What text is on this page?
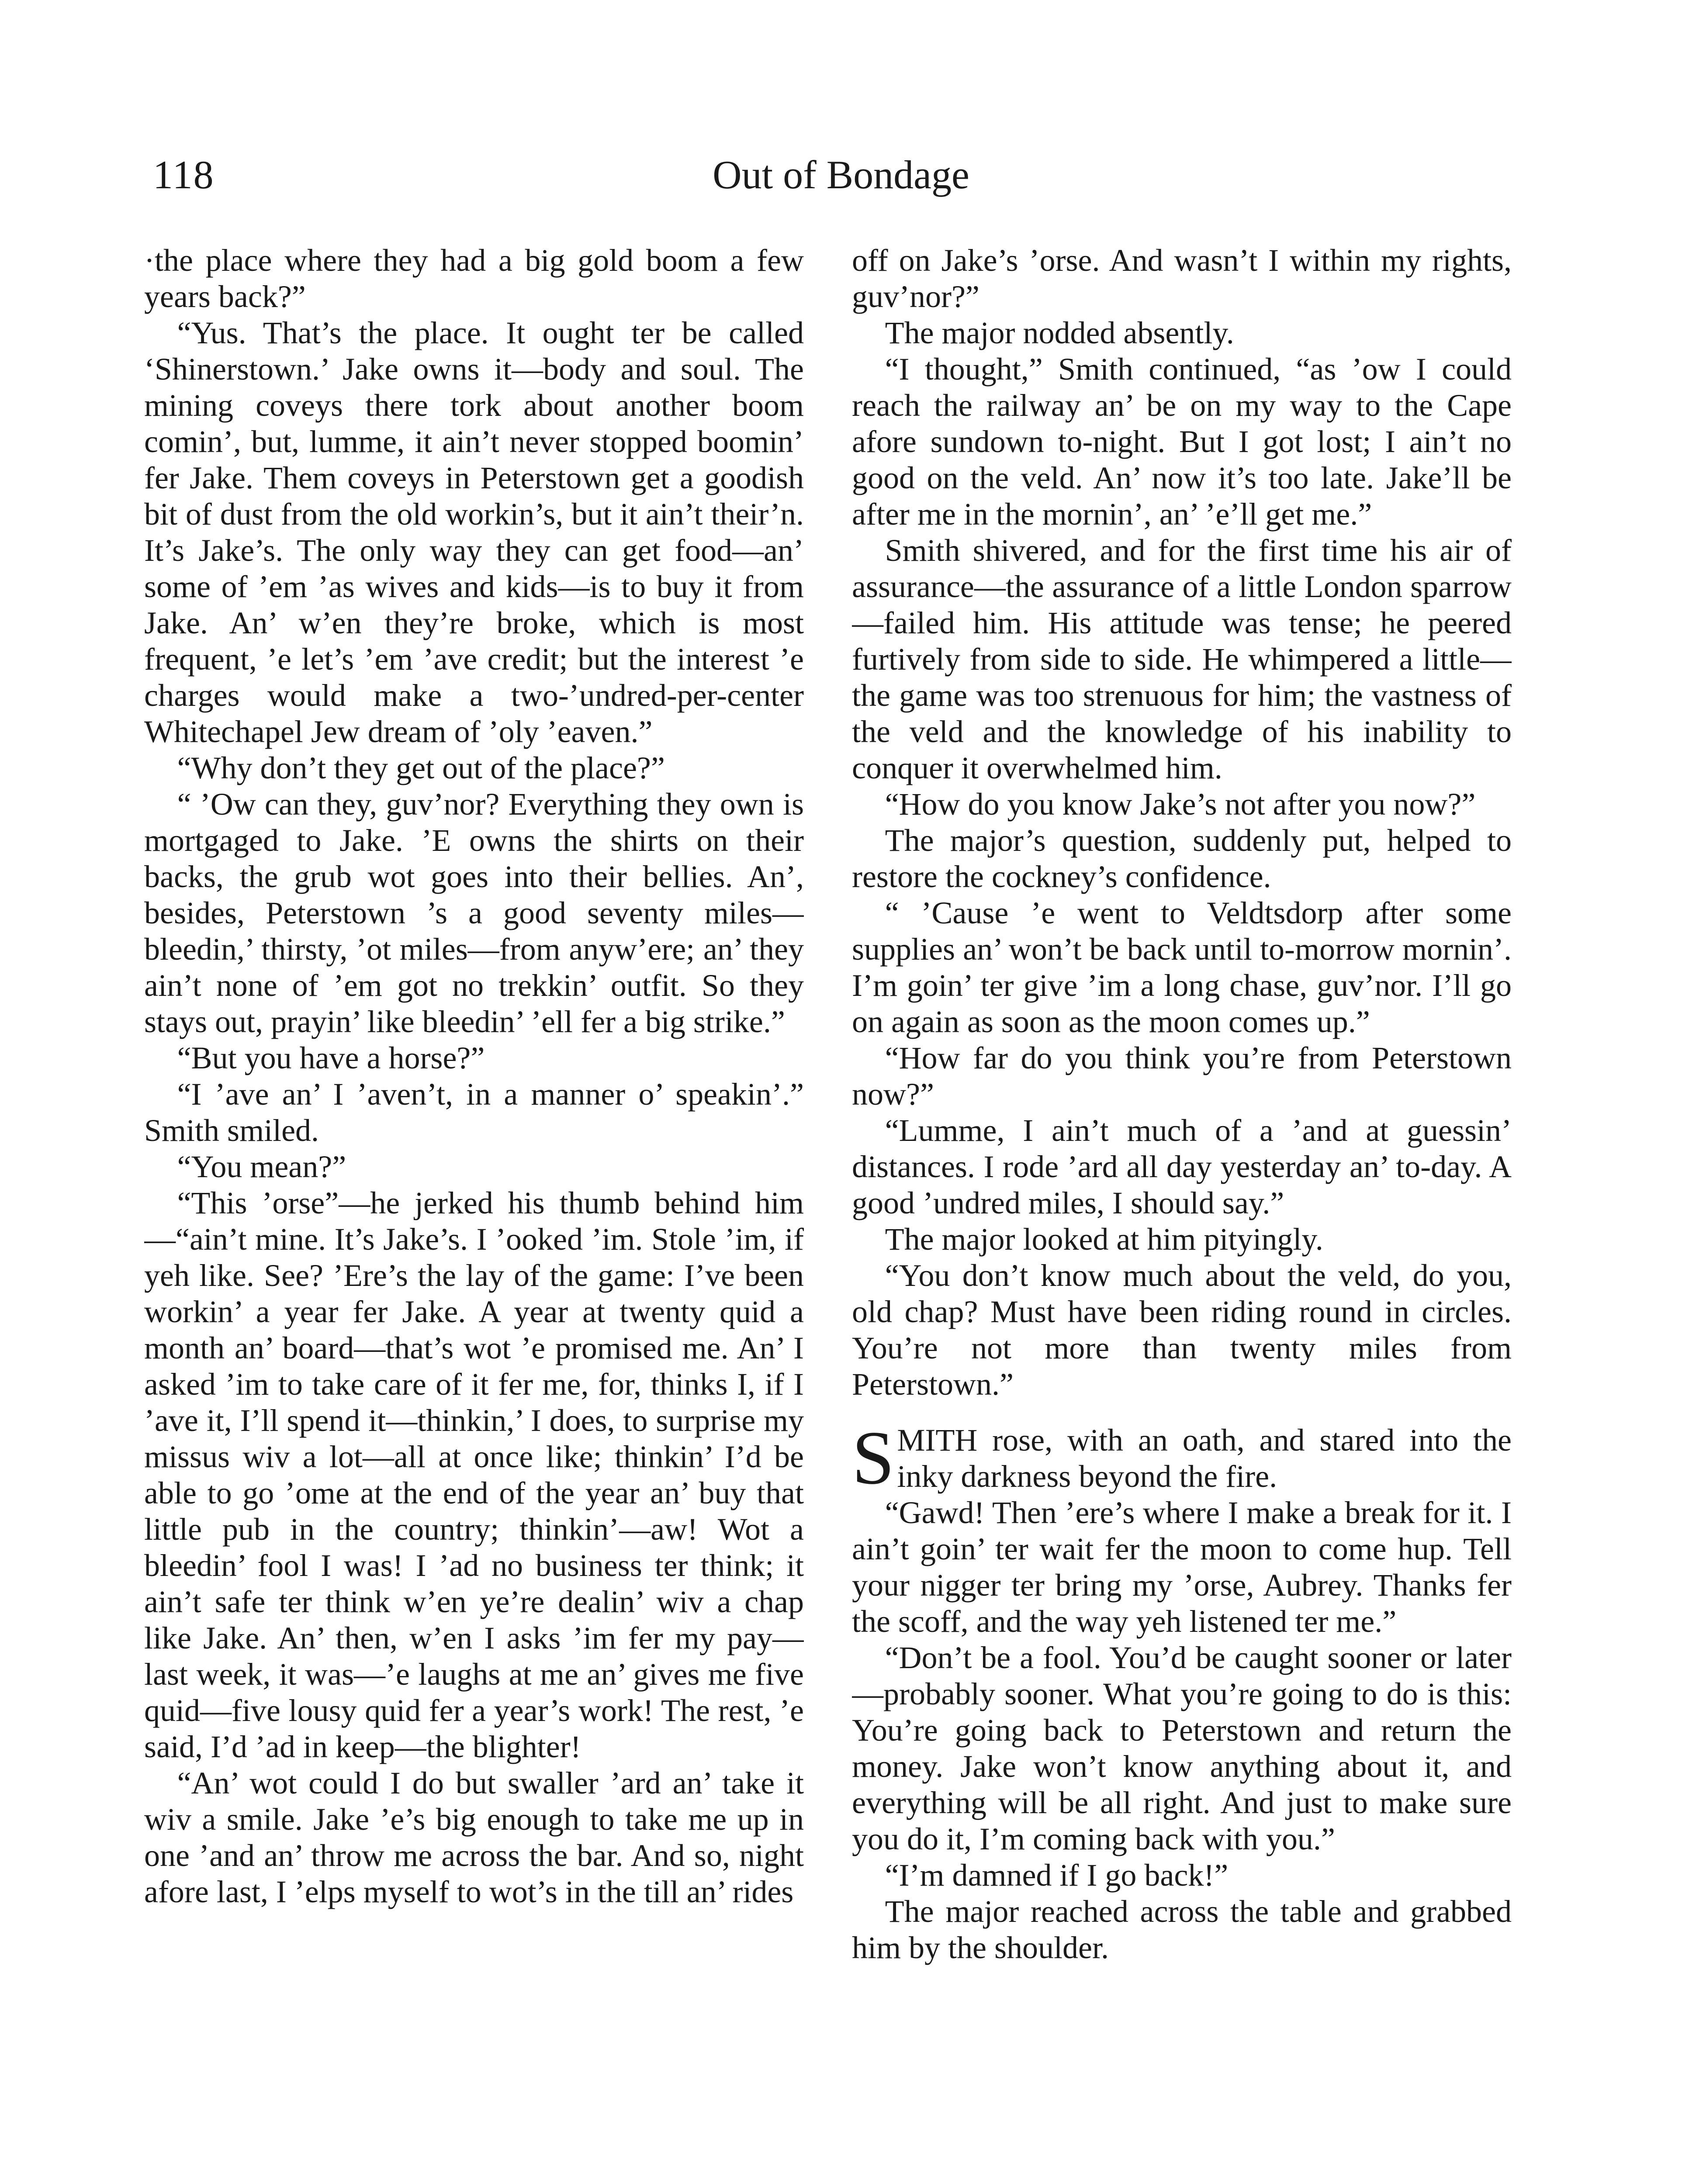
118	Out of Bondage

·the place where they had a big gold boom a few years back?”

“Yus. That’s the place. It ought ter be called ‘Shinerstown.’ Jake owns it—body and soul. The mining coveys there tork about another boom comin’, but, lumme, it ain’t never stopped boomin’ fer Jake. Them coveys in Peterstown get a goodish bit of dust from the old workin’s, but it ain’t their’n. It’s Jake’s. The only way they can get food—an’ some of ’em ’as wives and kids—is to buy it from Jake. An’ w’en they’re broke, which is most frequent, ’e let’s ’em ’ave credit; but the interest ’e charges would make a two-’undred-per-center Whitechapel Jew dream of ’oly ’eaven.”

“Why don’t they get out of the place?”

“ ’Ow can they, guv’nor? Everything they own is mortgaged to Jake. ’E owns the shirts on their backs, the grub wot goes into their bellies. An’, besides, Peterstown ’s a good seventy miles—bleedin,’ thirsty, ’ot miles—from anyw’ere; an’ they ain’t none of ’em got no trekkin’ outfit. So they stays out, prayin’ like bleedin’ ’ell fer a big strike.”

“But you have a horse?”

“I ’ave an’ I ’aven’t, in a manner o’ speakin’.” Smith smiled.

“You mean?”

“This ’orse”—he jerked his thumb behind him—“ain’t mine. It’s Jake’s. I ’ooked ’im. Stole ’im, if yeh like. See? ’Ere’s the lay of the game: I’ve been workin’ a year fer Jake. A year at twenty quid a month an’ board—that’s wot ’e promised me. An’ I asked ’im to take care of it fer me, for, thinks I, if I ’ave it, I’ll spend it—thinkin,’ I does, to surprise my missus wiv a lot—all at once like; thinkin’ I’d be able to go ’ome at the end of the year an’ buy that little pub in the country; thinkin’—aw! Wot a bleedin’ fool I was! I ’ad no business ter think; it ain’t safe ter think w’en ye’re dealin’ wiv a chap like Jake. An’ then, w’en I asks ’im fer my pay—last week, it was—’e laughs at me an’ gives me five quid—five lousy quid fer a year’s work! The rest, ’e said, I’d ’ad in keep—the blighter!

“An’ wot could I do but swaller ’ard an’ take it wiv a smile. Jake ’e’s big enough to take me up in one ’and an’ throw me across the bar. And so, night afore last, I ’elps myself to wot’s in the till an’ rides

off on Jake’s ’orse. And wasn’t I within my rights, guv’nor?”

The major nodded absently.

“I thought,” Smith continued, “as ’ow I could reach the railway an’ be on my way to the Cape afore sundown to-night. But I got lost; I ain’t no good on the veld. An’ now it’s too late. Jake’ll be after me in the mornin’, an’ ’e’ll get me.”

Smith shivered, and for the first time his air of assurance—the assurance of a little London sparrow—failed him. His attitude was tense; he peered furtively from side to side. He whimpered a little—the game was too strenuous for him; the vastness of the veld and the knowledge of his inability to conquer it overwhelmed him.

“How do you know Jake’s not after you now?”

The major’s question, suddenly put, helped to restore the cockney’s confidence.

“ ’Cause ’e went to Veldtsdorp after some supplies an’ won’t be back until to-morrow mornin’. I’m goin’ ter give ’im a long chase, guv’nor. I’ll go on again as soon as the moon comes up.”

“How far do you think you’re from Peterstown now?”

“Lumme, I ain’t much of a ’and at guessin’ distances. I rode ’ard all day yesterday an’ to-day. A good ’undred miles, I should say.”

The major looked at him pityingly.

“You don’t know much about the veld, do you, old chap? Must have been riding round in circles. You’re not more than twenty miles from Peterstown.”

SMITH rose, with an oath, and stared into the inky darkness beyond the fire.

“Gawd! Then ’ere’s where I make a break for it. I ain’t goin’ ter wait fer the moon to come hup. Tell your nigger ter bring my ’orse, Aubrey. Thanks fer the scoff, and the way yeh listened ter me.”

“Don’t be a fool. You’d be caught sooner or later—probably sooner. What you’re going to do is this: You’re going back to Peterstown and return the money. Jake won’t know anything about it, and everything will be all right. And just to make sure you do it, I’m coming back with you.”

“I’m damned if I go back!”

The major reached across the table and grabbed him by the shoulder.
